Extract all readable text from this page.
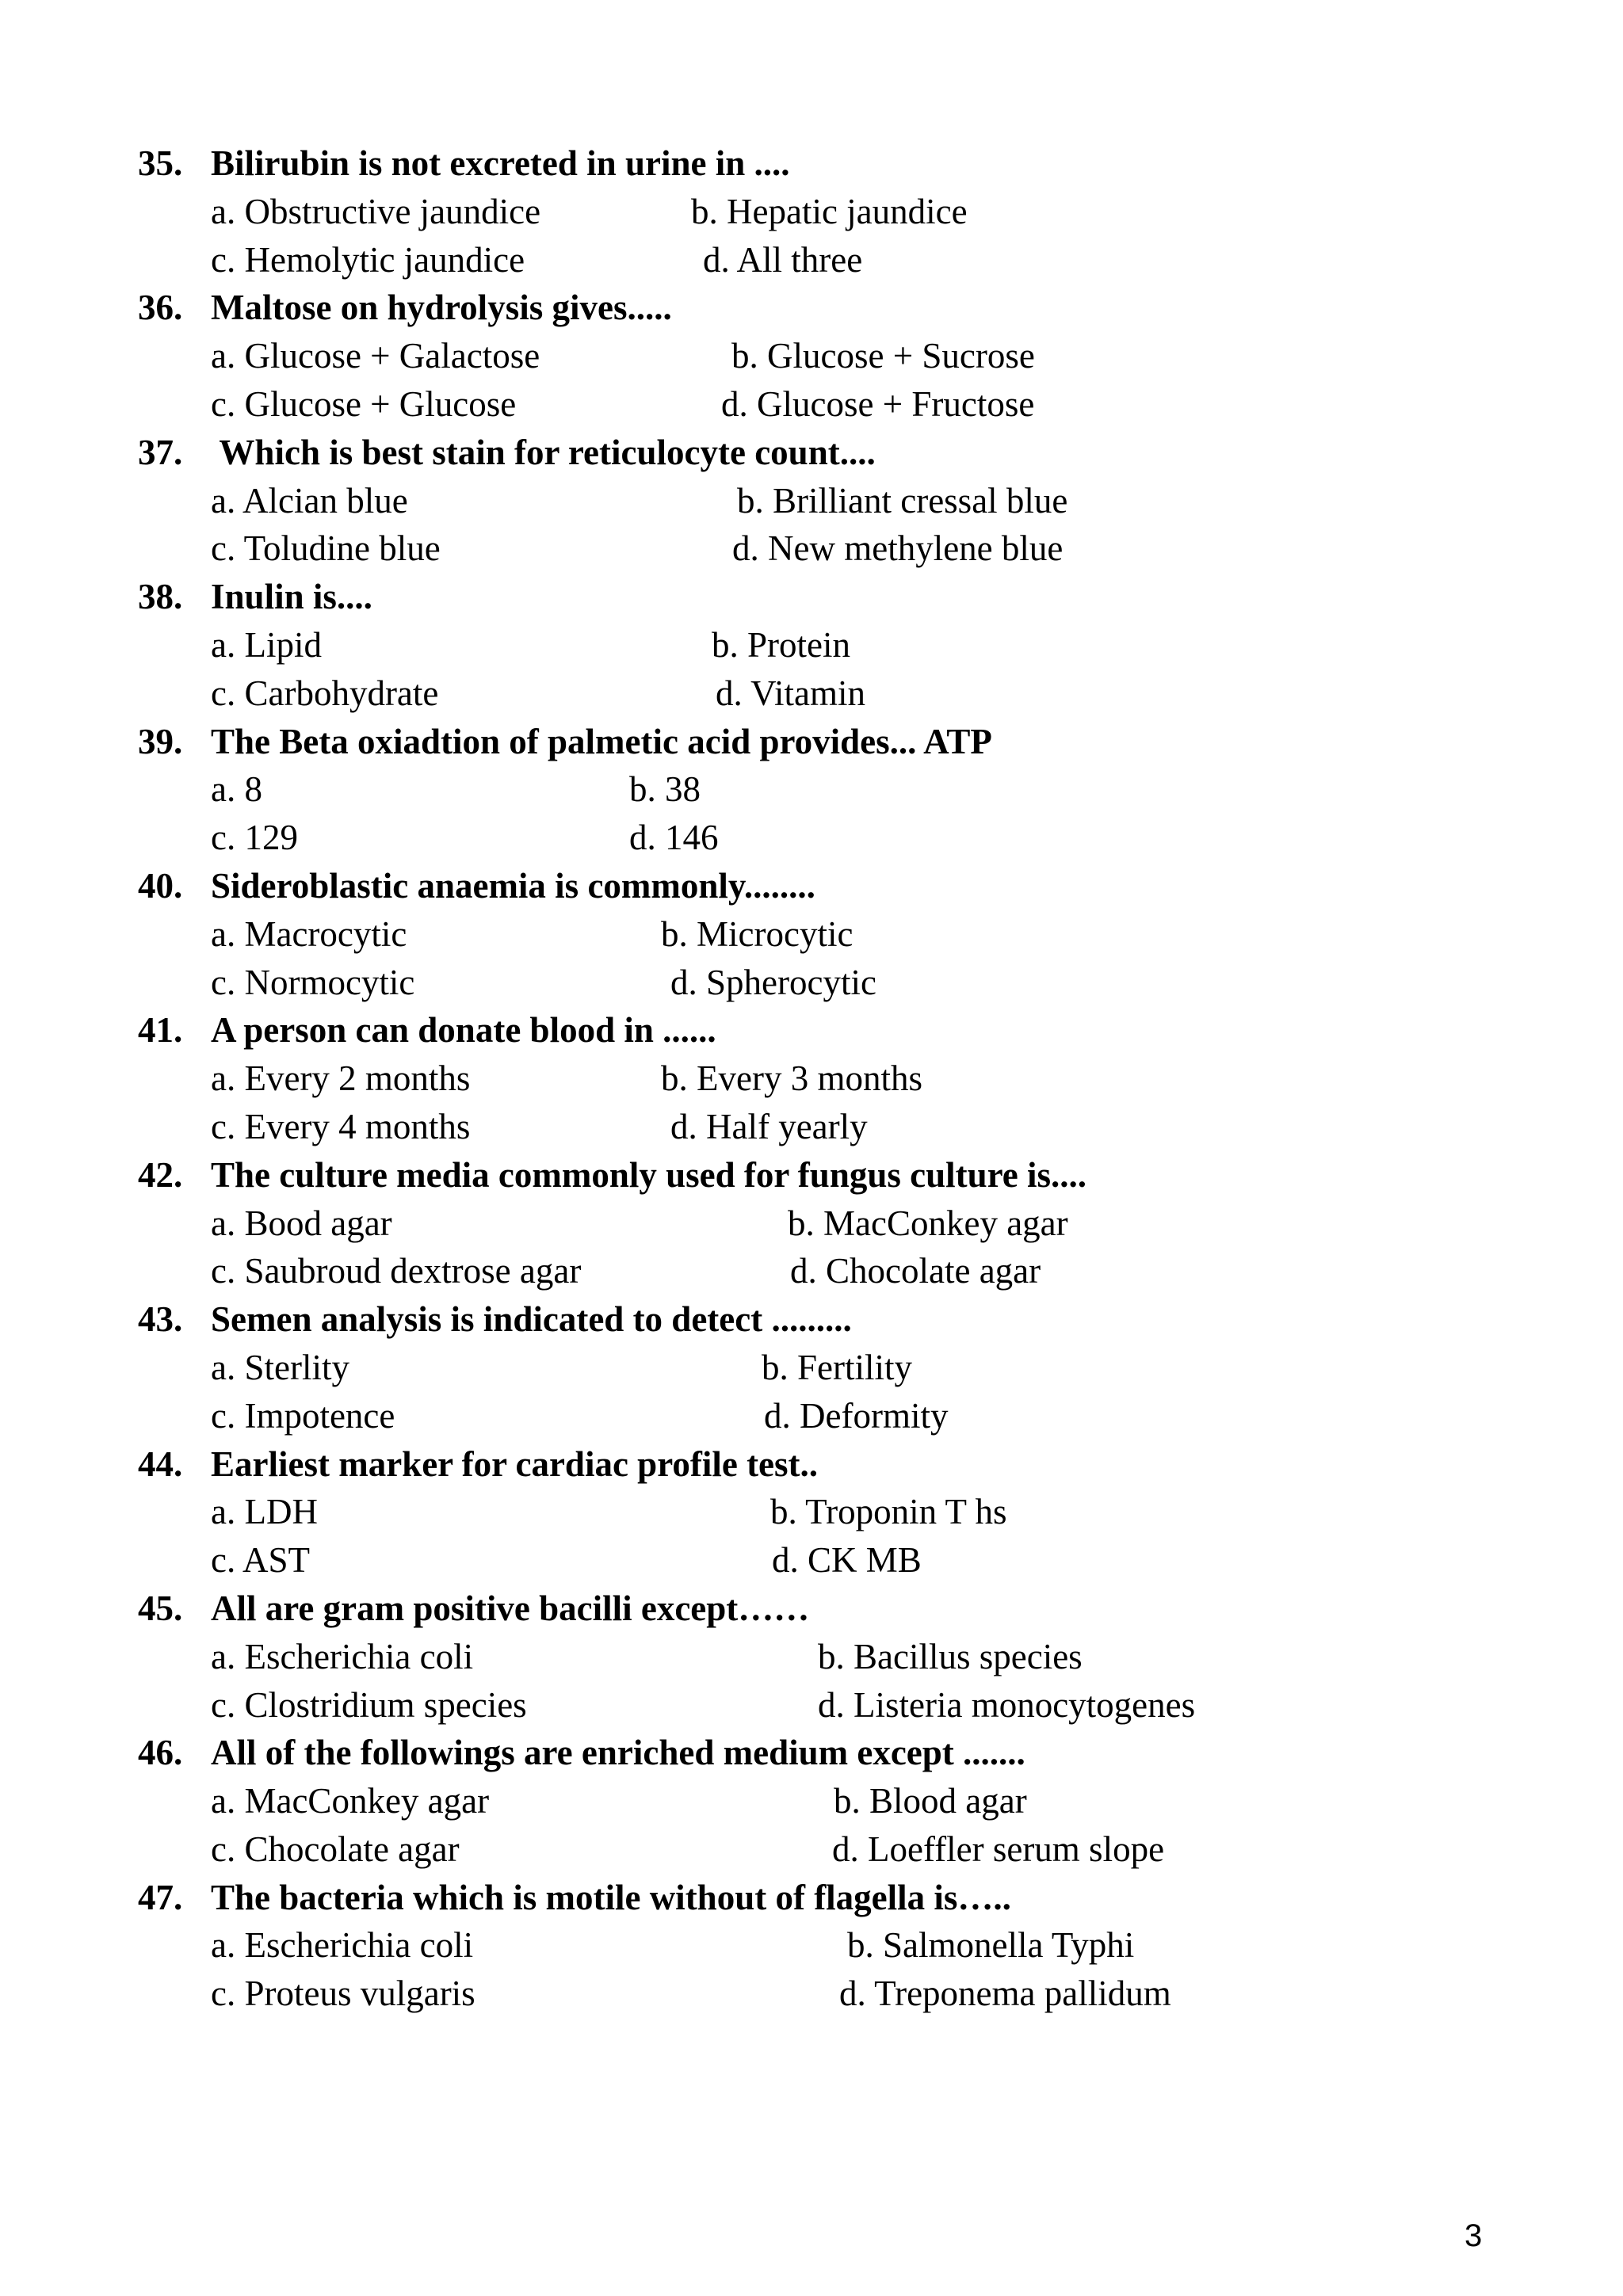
35. Bilirubin is not excreted in urine in ....
a. Obstructive jaundice	b. Hepatic jaundice
c. Hemolytic jaundice	d. All three
36. Maltose on hydrolysis gives.....
a. Glucose + Galactose	b. Glucose + Sucrose
c. Glucose + Glucose	d. Glucose + Fructose
37. Which is best stain for reticulocyte count....
a. Alcian blue	b. Brilliant cressal blue
c. Toludine blue	d. New methylene blue
38. Inulin is....
a. Lipid	b. Protein
c. Carbohydrate	d. Vitamin
39. The Beta oxiadtion of palmetic acid provides... ATP
a. 8	b. 38
c. 129	d. 146
40. Sideroblastic anaemia is commonly........
a. Macrocytic	b. Microcytic
c. Normocytic	d. Spherocytic
41. A person can donate blood in ......
a. Every 2 months	b. Every 3 months
c. Every 4 months	d. Half yearly
42. The culture media commonly used for fungus culture is....
a. Bood agar	b. MacConkey agar
c. Saubroud dextrose agar	d. Chocolate agar
43. Semen analysis is indicated to detect .........
a. Sterlity	b. Fertility
c. Impotence	d. Deformity
44. Earliest marker for cardiac profile test..
a. LDH	b. Troponin T hs
c. AST	d. CK MB
45. All are gram positive bacilli except……
a. Escherichia coli	b. Bacillus species
c. Clostridium species	d. Listeria monocytogenes
46. All of the followings are enriched medium except .......
a. MacConkey agar	b. Blood agar
c. Chocolate agar	d. Loeffler serum slope
47. The bacteria which is motile without of flagella is…..
a. Escherichia coli	b. Salmonella Typhi
c. Proteus vulgaris	d. Treponema pallidum
3
